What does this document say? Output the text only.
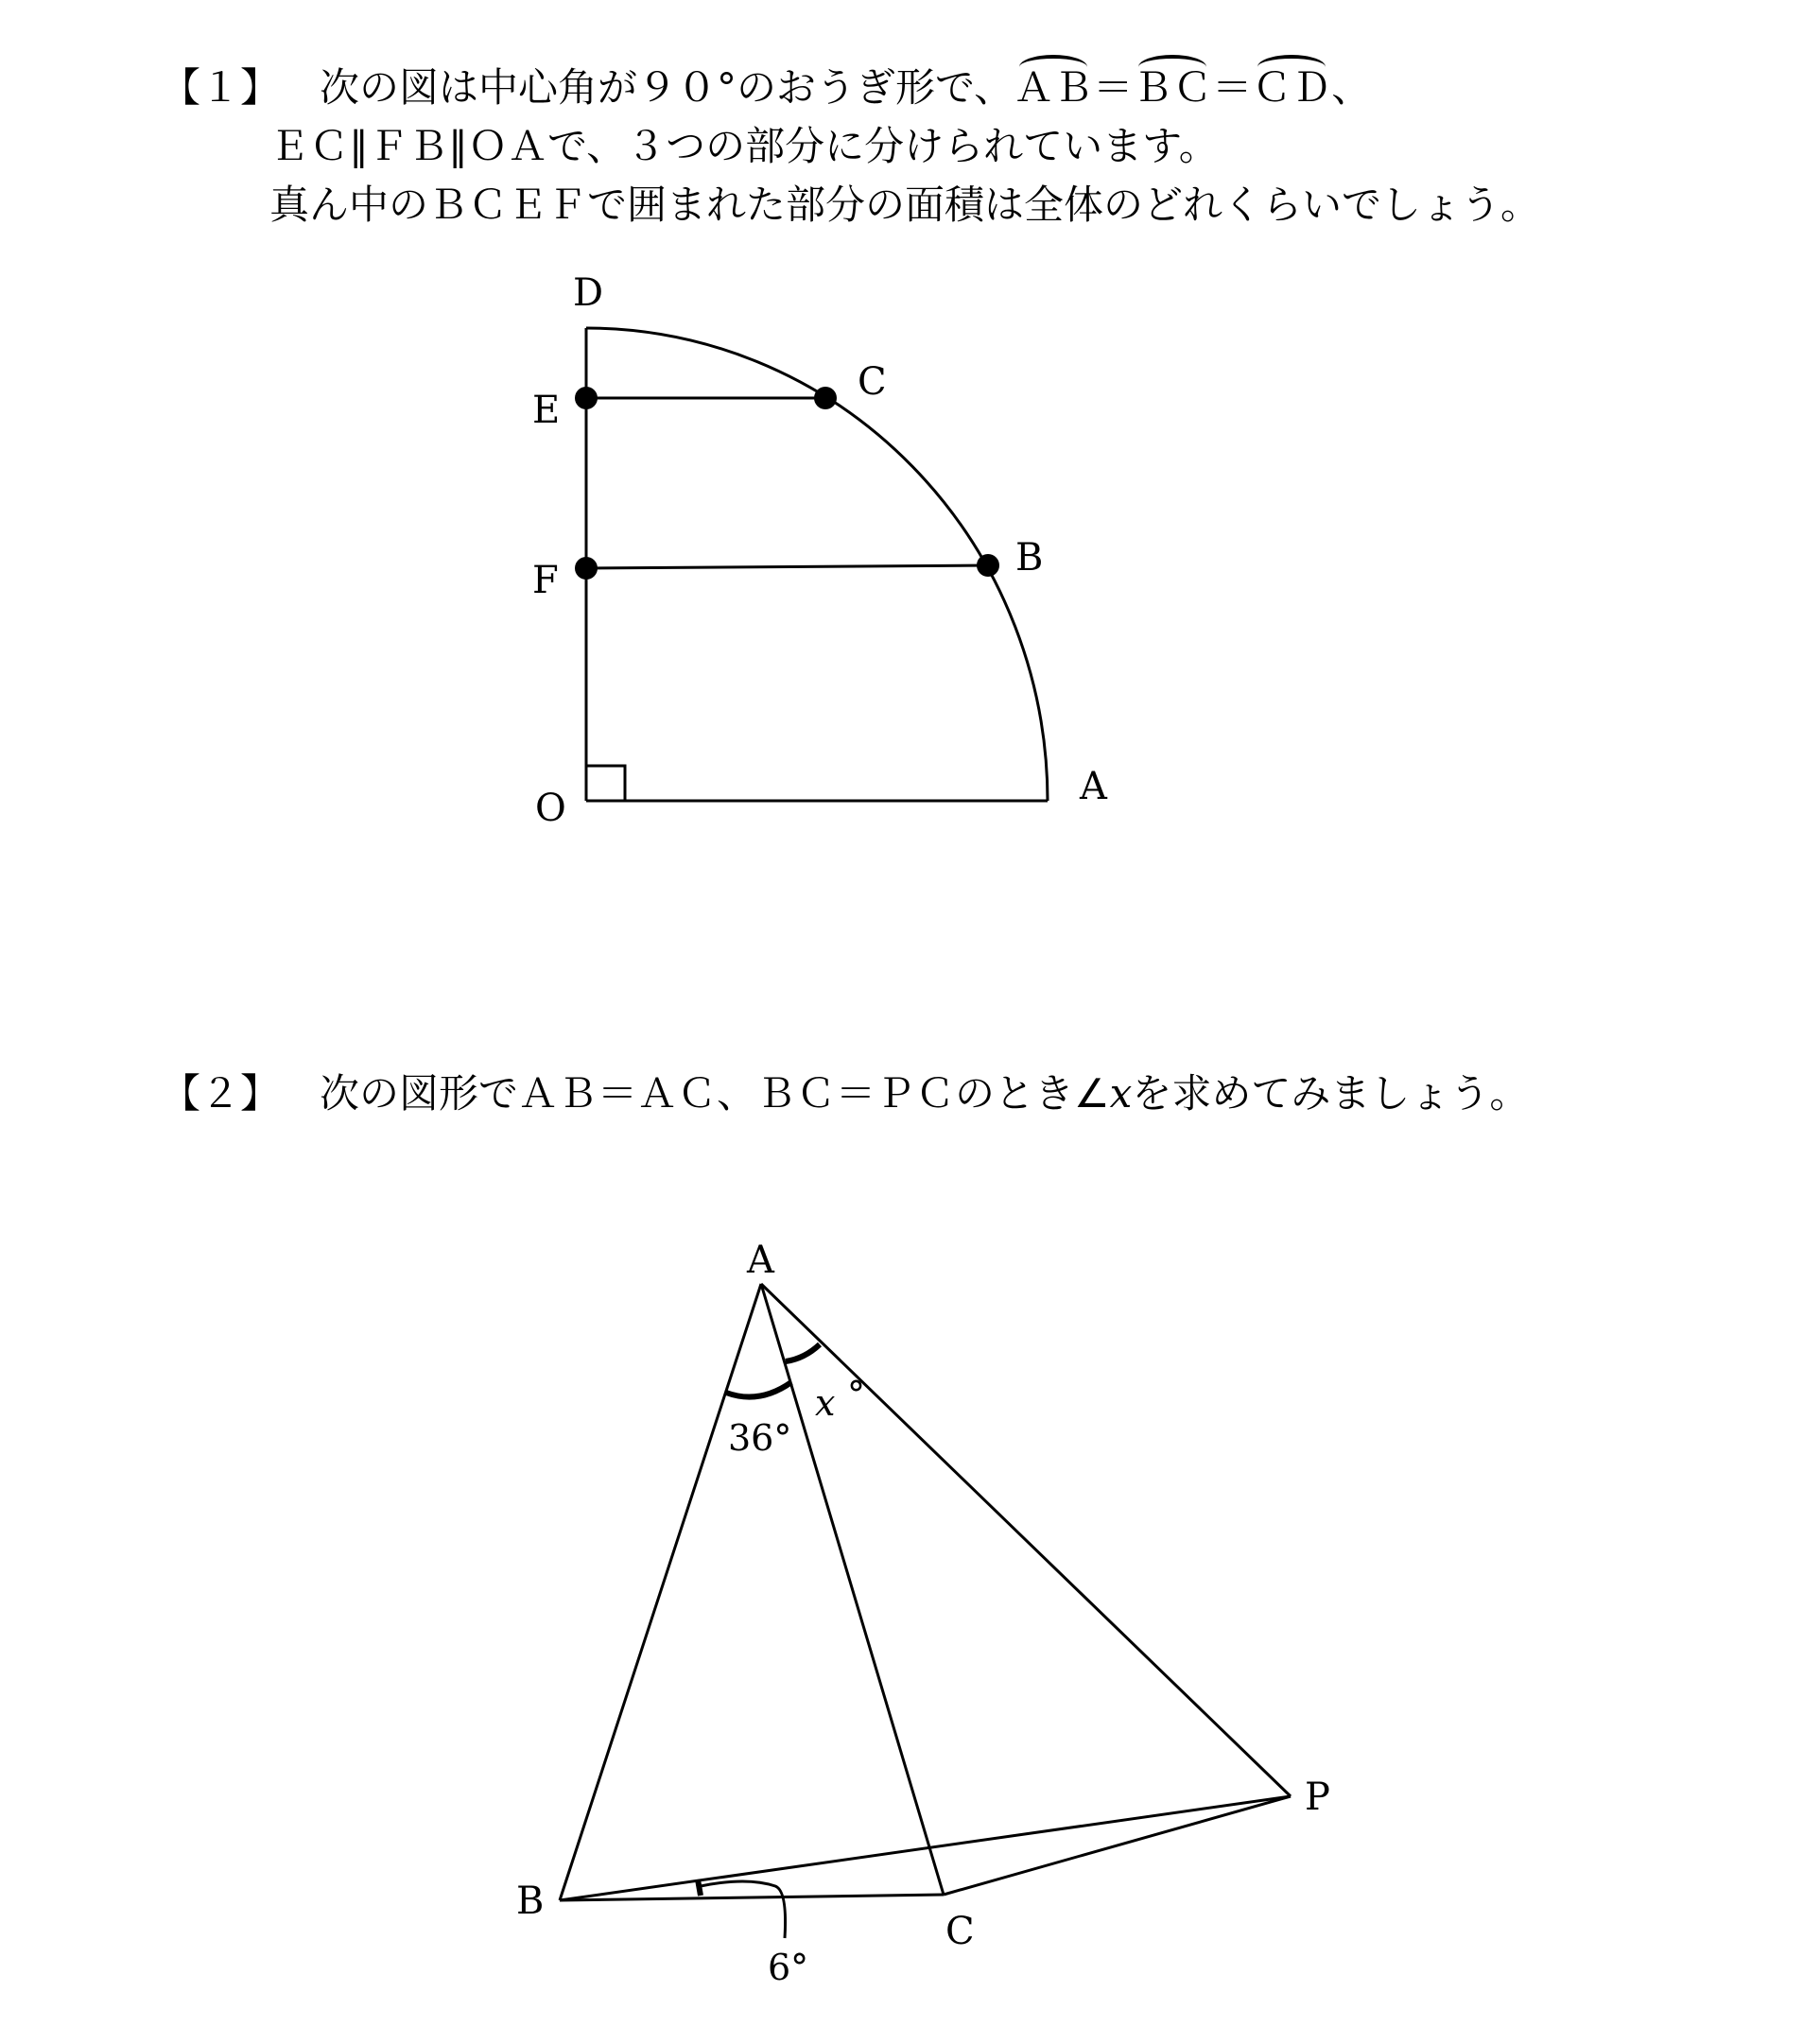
【１】 次の図は中心角が９０°のおうぎ形で、ＡＢ＝ＢＣ＝ＣＤ、
ＥＣ∥ＦＢ∥ＯＡで、３つの部分に分けられています。
真ん中のＢＣＥＦで囲まれた部分の面積は全体のどれくらいでしょう。
D
C
E
F
B
O	A
【２】 次の図形でＡＢ＝ＡＣ、ＢＣ＝ＰＣのとき∠xを求めてみましょう。
A
B
C
P
36°
x °
6°
